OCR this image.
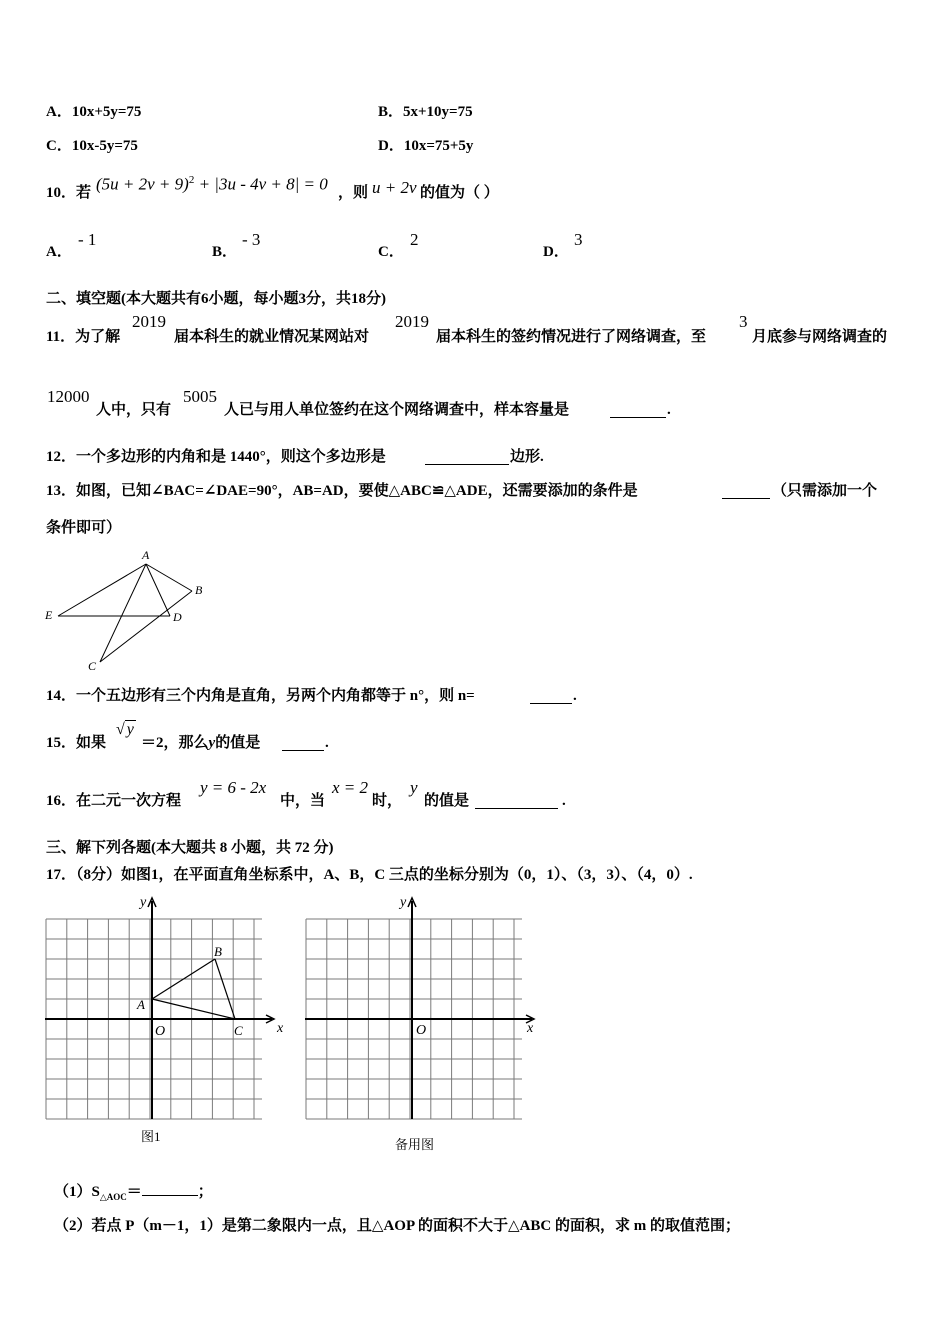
A．10x+5y=75	B．5x+10y=75
C．10x-5y=75	D．10x=75+5y
10．若 $(5u + 2v + 9)^2 + |3u - 4v + 8| = 0$ ，则 u + 2v 的值为（ ）
A．
- 1
B．
- 3
C．
2
D．
3
二、填空题(本大题共有6小题，每小题3分，共18分)
11．为了解
2019
届本科生的就业情况某网站对
2019
届本科生的签约情况进行了网络调查，至
3
月底参与网络调查的
12000
人中，只有
5005
人已与用人单位签约在这个网络调查中，样本容量是	.
12．一个多边形的内角和是 1440°，则这个多边形是	边形.
13．如图，已知∠BAC=∠DAE=90°，AB=AD，要使△ABC≌△ADE，还需要添加的条件是	（只需添加一个
条件即可）
A
B
C
D
E
14．一个五边形有三个内角是直角，另两个内角都等于 n°，则 n=	.
15．如果
√ y
＝2，那么y的值是	.
16．在二元一次方程
y = 6 - 2x
中，当
x = 2
时，
y
的值是	.
三、解下列各题(本大题共 8 小题，共 72 分)
17．（8分）如图1，在平面直角坐标系中，A、B，C 三点的坐标分别为（0，1）、（3，3）、（4，0）.
x
y
O
A
B
C
图1
x
y
O
备用图
$(1)S_{\triangle AOC}=$	；
（2）若点 P（m－1，1）是第二象限内一点，且△AOP 的面积不大于△ABC 的面积，求 m 的取值范围；
